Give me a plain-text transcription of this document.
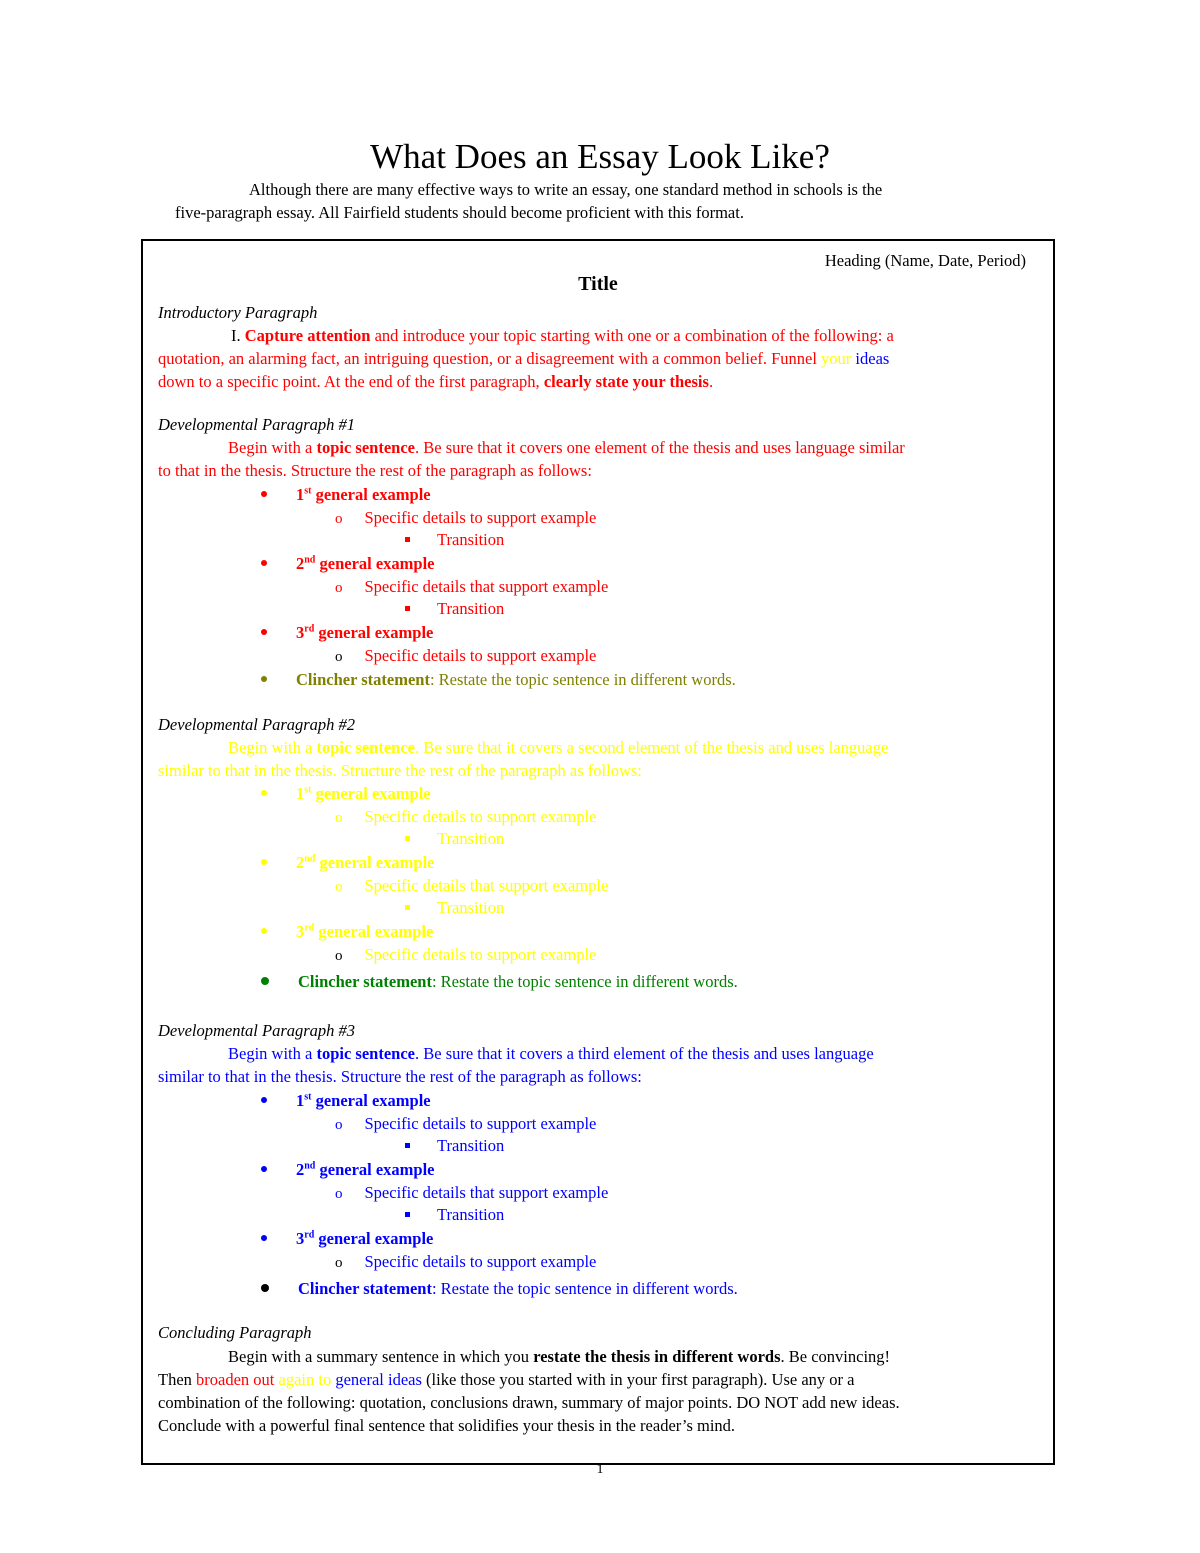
What Does an Essay Look Like?

Although there are many effective ways to write an essay, one standard method in schools is the

five-paragraph essay. All Fairfield students should become proficient with this format.

Heading (Name, Date, Period)
Title
Introductory Paragraph
I. Capture attention and introduce your topic starting with one or a combination of the following: a
quotation, an alarming fact, an intriguing question, or a disagreement with a common belief. Funnel your ideas
down to a specific point. At the end of the first paragraph, clearly state your thesis.
Developmental Paragraph #1
Begin with a topic sentence. Be sure that it covers one element of the thesis and uses language similar
to that in the thesis. Structure the rest of the paragraph as follows:
1st general example
o Specific details to support example
Transition
2nd general example
o Specific details that support example
Transition
3rd general example
o Specific details to support example
Clincher statement: Restate the topic sentence in different words.
Developmental Paragraph #2
Begin with a topic sentence. Be sure that it covers a second element of the thesis and uses language
similar to that in the thesis. Structure the rest of the paragraph as follows:
1st general example
o Specific details to support example
Transition
2nd general example
o Specific details that support example
Transition
3rd general example
o Specific details to support example
Clincher statement: Restate the topic sentence in different words.
Developmental Paragraph #3
Begin with a topic sentence. Be sure that it covers a third element of the thesis and uses language
similar to that in the thesis. Structure the rest of the paragraph as follows:
1st general example
o Specific details to support example
Transition
2nd general example
o Specific details that support example
Transition
3rd general example
o Specific details to support example
Clincher statement: Restate the topic sentence in different words.
Concluding Paragraph
Begin with a summary sentence in which you restate the thesis in different words. Be convincing!
Then broaden out again to general ideas (like those you started with in your first paragraph). Use any or a
combination of the following: quotation, conclusions drawn, summary of major points. DO NOT add new ideas.
Conclude with a powerful final sentence that solidifies your thesis in the reader’s mind.
1
